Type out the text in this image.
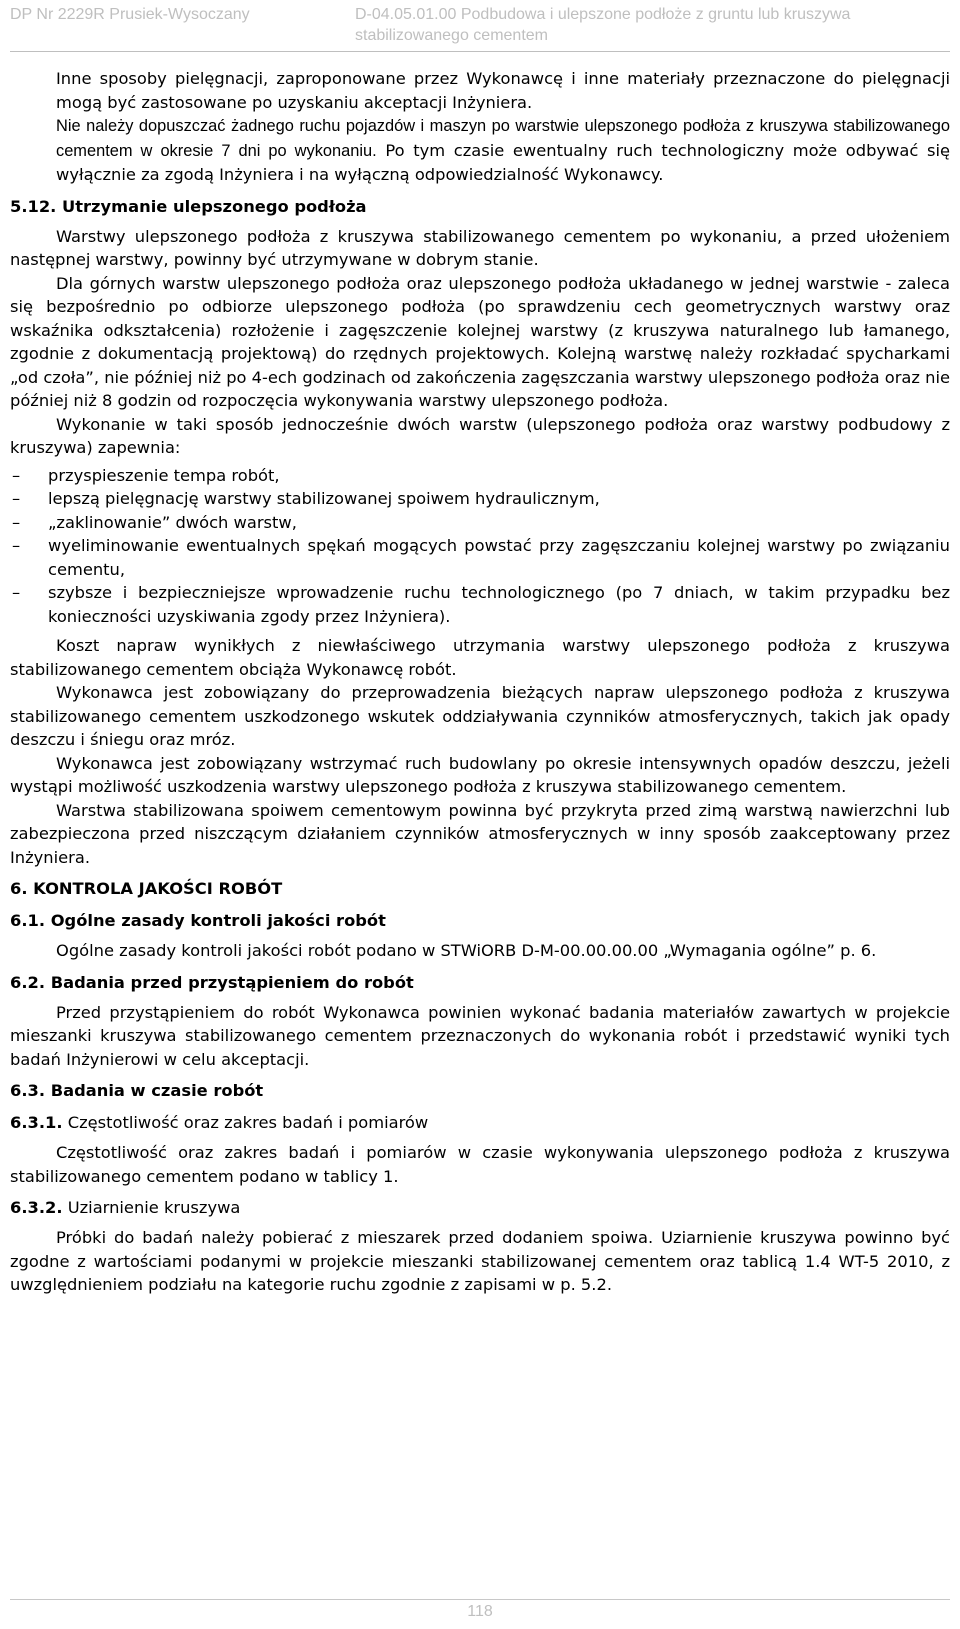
DP Nr 2229R Prusiek-Wysoczany	D-04.05.01.00 Podbudowa i ulepszone podłoże z gruntu lub kruszywa
stabilizowanego cementem

Inne sposoby pielęgnacji, zaproponowane przez Wykonawcę i inne materiały przeznaczone do pielęgnacji mogą być zastosowane po uzyskaniu akceptacji Inżyniera.

Nie należy dopuszczać żadnego ruchu pojazdów i maszyn po warstwie ulepszonego podłoża z kruszywa stabilizowanego cementem w okresie 7 dni po wykonaniu. Po tym czasie ewentualny ruch technologiczny może odbywać się wyłącznie za zgodą Inżyniera i na wyłączną odpowiedzialność Wykonawcy.

5.12. Utrzymanie ulepszonego podłoża

Warstwy ulepszonego podłoża z kruszywa stabilizowanego cementem po wykonaniu, a przed ułożeniem następnej warstwy, powinny być utrzymywane w dobrym stanie.

Dla górnych warstw ulepszonego podłoża oraz ulepszonego podłoża układanego w jednej warstwie - zaleca się bezpośrednio po odbiorze ulepszonego podłoża (po sprawdzeniu cech geometrycznych warstwy oraz wskaźnika odkształcenia) rozłożenie i zagęszczenie kolejnej warstwy (z kruszywa naturalnego lub łamanego, zgodnie z dokumentacją projektową) do rzędnych projektowych. Kolejną warstwę należy rozkładać spycharkami „od czoła”, nie później niż po 4-ech godzinach od zakończenia zagęszczania warstwy ulepszonego podłoża oraz nie później niż 8 godzin od rozpoczęcia wykonywania warstwy ulepszonego podłoża.

Wykonanie w taki sposób jednocześnie dwóch warstw (ulepszonego podłoża oraz warstwy podbudowy z kruszywa) zapewnia:

– przyspieszenie tempa robót,
– lepszą pielęgnację warstwy stabilizowanej spoiwem hydraulicznym,
– „zaklinowanie” dwóch warstw,
– wyeliminowanie ewentualnych spękań mogących powstać przy zagęszczaniu kolejnej warstwy po związaniu cementu,
– szybsze i bezpieczniejsze wprowadzenie ruchu technologicznego (po 7 dniach, w takim przypadku bez konieczności uzyskiwania zgody przez Inżyniera).

Koszt napraw wynikłych z niewłaściwego utrzymania warstwy ulepszonego podłoża z kruszywa stabilizowanego cementem obciąża Wykonawcę robót.

Wykonawca jest zobowiązany do przeprowadzenia bieżących napraw ulepszonego podłoża z kruszywa stabilizowanego cementem uszkodzonego wskutek oddziaływania czynników atmosferycznych, takich jak opady deszczu i śniegu oraz mróz.

Wykonawca jest zobowiązany wstrzymać ruch budowlany po okresie intensywnych opadów deszczu, jeżeli wystąpi możliwość uszkodzenia warstwy ulepszonego podłoża z kruszywa stabilizowanego cementem.

Warstwa stabilizowana spoiwem cementowym powinna być przykryta przed zimą warstwą nawierzchni lub zabezpieczona przed niszczącym działaniem czynników atmosferycznych w inny sposób zaakceptowany przez Inżyniera.

6. KONTROLA JAKOŚCI ROBÓT
6.1. Ogólne zasady kontroli jakości robót

Ogólne zasady kontroli jakości robót podano w STWiORB D-M-00.00.00.00 „Wymagania ogólne” p. 6.

6.2. Badania przed przystąpieniem do robót

Przed przystąpieniem do robót Wykonawca powinien wykonać badania materiałów zawartych w projekcie mieszanki kruszywa stabilizowanego cementem przeznaczonych do wykonania robót i przedstawić wyniki tych badań Inżynierowi w celu akceptacji.

6.3. Badania w czasie robót
6.3.1. Częstotliwość oraz zakres badań i pomiarów

Częstotliwość oraz zakres badań i pomiarów w czasie wykonywania ulepszonego podłoża z kruszywa stabilizowanego cementem podano w tablicy 1.

6.3.2. Uziarnienie kruszywa

Próbki do badań należy pobierać z mieszarek przed dodaniem spoiwa. Uziarnienie kruszywa powinno być zgodne z wartościami podanymi w projekcie mieszanki stabilizowanej cementem oraz tablicą 1.4 WT-5 2010, z uwzględnieniem podziału na kategorie ruchu zgodnie z zapisami w p. 5.2.

118
